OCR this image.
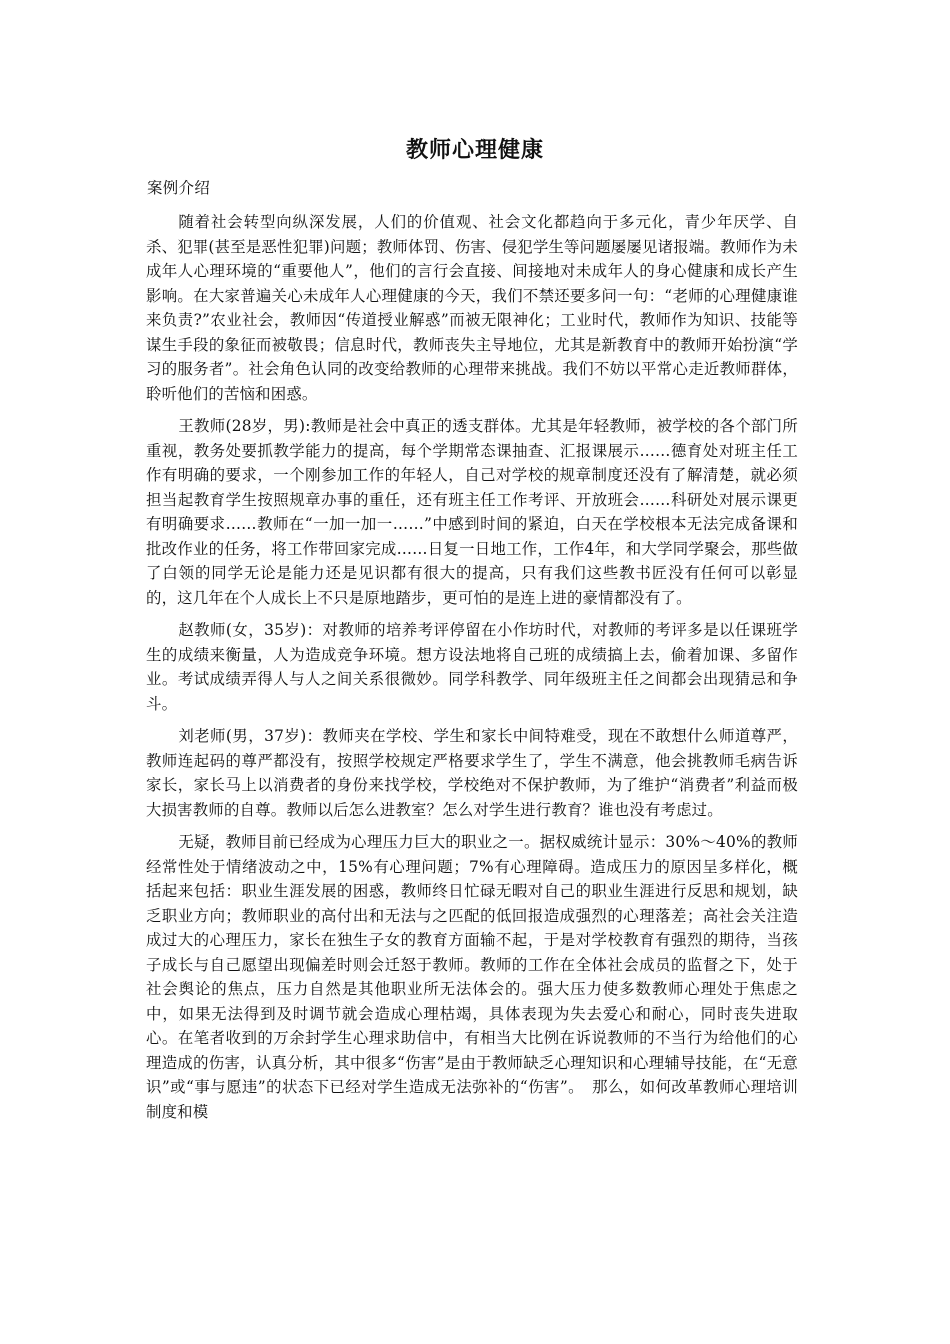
教师心理健康
案例介绍

随着社会转型向纵深发展，人们的价值观、社会文化都趋向于多元化，青少年厌学、自杀、犯罪(甚至是恶性犯罪)问题；教师体罚、伤害、侵犯学生等问题屡屡见诸报端。教师作为未成年人心理环境的“重要他人”，他们的言行会直接、间接地对未成年人的身心健康和成长产生影响。在大家普遍关心未成年人心理健康的今天，我们不禁还要多问一句：“老师的心理健康谁来负责?”农业社会，教师因“传道授业解惑”而被无限神化；工业时代，教师作为知识、技能等谋生手段的象征而被敬畏；信息时代，教师丧失主导地位，尤其是新教育中的教师开始扮演“学习的服务者”。社会角色认同的改变给教师的心理带来挑战。我们不妨以平常心走近教师群体，聆听他们的苦恼和困惑。

王教师(28岁，男):教师是社会中真正的透支群体。尤其是年轻教师，被学校的各个部门所重视，教务处要抓教学能力的提高，每个学期常态课抽查、汇报课展示……德育处对班主任工作有明确的要求，一个刚参加工作的年轻人，自己对学校的规章制度还没有了解清楚，就必须担当起教育学生按照规章办事的重任，还有班主任工作考评、开放班会……科研处对展示课更有明确要求……教师在“一加一加一……”中感到时间的紧迫，白天在学校根本无法完成备课和批改作业的任务，将工作带回家完成……日复一日地工作，工作4年，和大学同学聚会，那些做了白领的同学无论是能力还是见识都有很大的提高，只有我们这些教书匠没有任何可以彰显的，这几年在个人成长上不只是原地踏步，更可怕的是连上进的豪情都没有了。

赵教师(女，35岁)：对教师的培养考评停留在小作坊时代，对教师的考评多是以任课班学生的成绩来衡量，人为造成竞争环境。想方设法地将自己班的成绩搞上去，偷着加课、多留作业。考试成绩弄得人与人之间关系很微妙。同学科教学、同年级班主任之间都会出现猜忌和争斗。

刘老师(男，37岁)：教师夹在学校、学生和家长中间特难受，现在不敢想什么师道尊严，教师连起码的尊严都没有，按照学校规定严格要求学生了，学生不满意，他会挑教师毛病告诉家长，家长马上以消费者的身份来找学校，学校绝对不保护教师，为了维护“消费者”利益而极大损害教师的自尊。教师以后怎么进教室？怎么对学生进行教育？谁也没有考虑过。

无疑，教师目前已经成为心理压力巨大的职业之一。据权威统计显示：30%～40%的教师经常性处于情绪波动之中，15%有心理问题；7%有心理障碍。造成压力的原因呈多样化，概括起来包括：职业生涯发展的困惑，教师终日忙碌无暇对自己的职业生涯进行反思和规划，缺乏职业方向；教师职业的高付出和无法与之匹配的低回报造成强烈的心理落差；高社会关注造成过大的心理压力，家长在独生子女的教育方面输不起，于是对学校教育有强烈的期待，当孩子成长与自己愿望出现偏差时则会迁怒于教师。教师的工作在全体社会成员的监督之下，处于社会舆论的焦点，压力自然是其他职业所无法体会的。强大压力使多数教师心理处于焦虑之中，如果无法得到及时调节就会造成心理枯竭，具体表现为失去爱心和耐心，同时丧失进取心。在笔者收到的万余封学生心理求助信中，有相当大比例在诉说教师的不当行为给他们的心理造成的伤害，认真分析，其中很多“伤害”是由于教师缺乏心理知识和心理辅导技能，在“无意识”或“事与愿违”的状态下已经对学生造成无法弥补的“伤害”。　那么，如何改革教师心理培训制度和模
